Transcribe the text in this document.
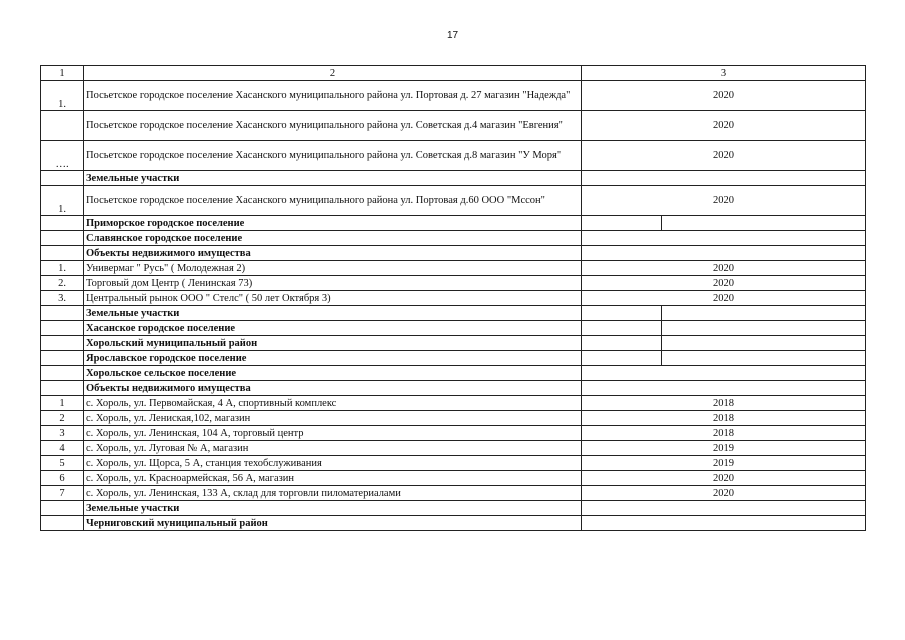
17
1	2	3	
1.	Посьетское городское поселение Хасанского муниципального района ул. Портовая д. 27 магазин "Надежда"	2020	
	Посьетское городское поселение Хасанского муниципального района ул. Советская д.4 магазин "Евгения"	2020	
….	Посьетское городское поселение Хасанского муниципального района ул. Советская д.8 магазин "У Моря"	2020	
	Земельные участки		
1.	Посьетское городское поселение Хасанского муниципального района ул. Портовая д.60 ООО "Мссон"	2020	
	Приморское городское поселение		
	Славянское городское поселение		
	Объекты недвижимого имущества		
1.	Универмаг " Русь" ( Молодежная 2)	2020	
2.	Торговый дом Центр ( Ленинская 73)	2020	
3.	Центральный рынок ООО " Стелс" ( 50 лет Октября 3)	2020	
	Земельные участки		
	Хасанское городское поселение		
	Хорольский муниципальный район		
	Ярославское городское поселение		
	Хорольское сельское поселение		
	Объекты недвижимого имущества		
1	с. Хороль, ул. Первомайская, 4 А, спортивный комплекс	2018	
2	с. Хороль, ул. Лениская,102, магазин	2018	
3	с. Хороль, ул. Ленинская, 104 А, торговый центр	2018	
4	с. Хороль, ул. Луговая № А, магазин	2019	
5	с. Хороль, ул. Щорса, 5 А, станция техобслуживания	2019	
6	с. Хороль, ул. Красноармейская, 56 А, магазин	2020	
7	с. Хороль, ул. Ленинская, 133 А, склад для торговли пиломатериалами	2020	
	Земельные участки		
	Черниговский муниципальный район		
